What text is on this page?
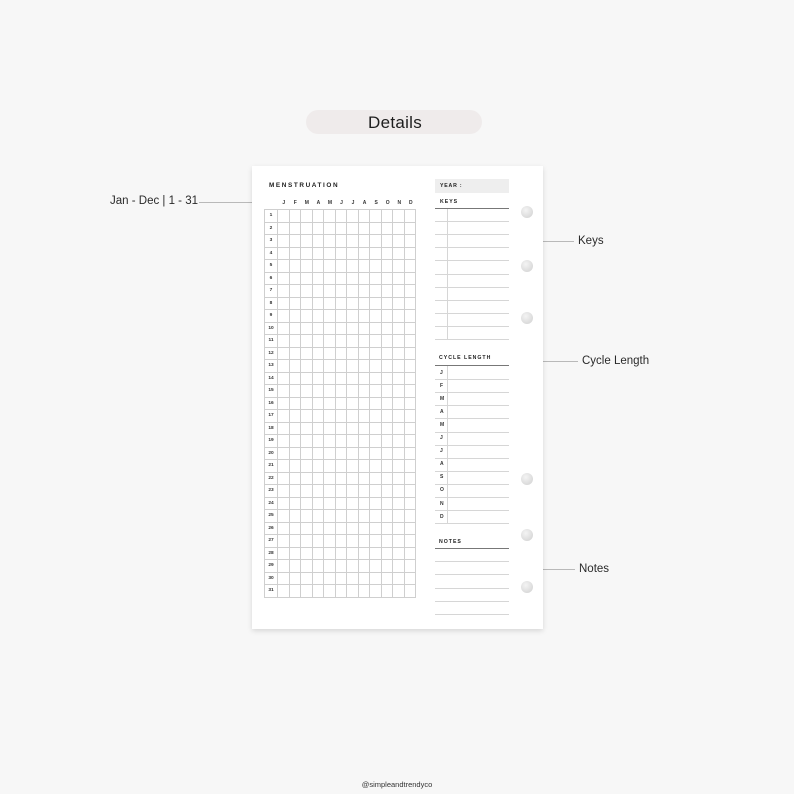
Details
Jan - Dec | 1 - 31
Keys
Cycle Length
Notes
MENSTRUATION
J	F	M	A	M	J	J	A	S	O	N	D
1												
2												
3												
4												
5												
6												
7												
8												
9												
10												
11												
12												
13												
14												
15												
16												
17												
18												
19												
20												
21												
22												
23												
24												
25												
26												
27												
28												
29												
30												
31												
YEAR :
KEYS
CYCLE LENGTH
J
F
M
A
M
J
J
A
S
O
N
D
NOTES
@simpleandtrendyco
